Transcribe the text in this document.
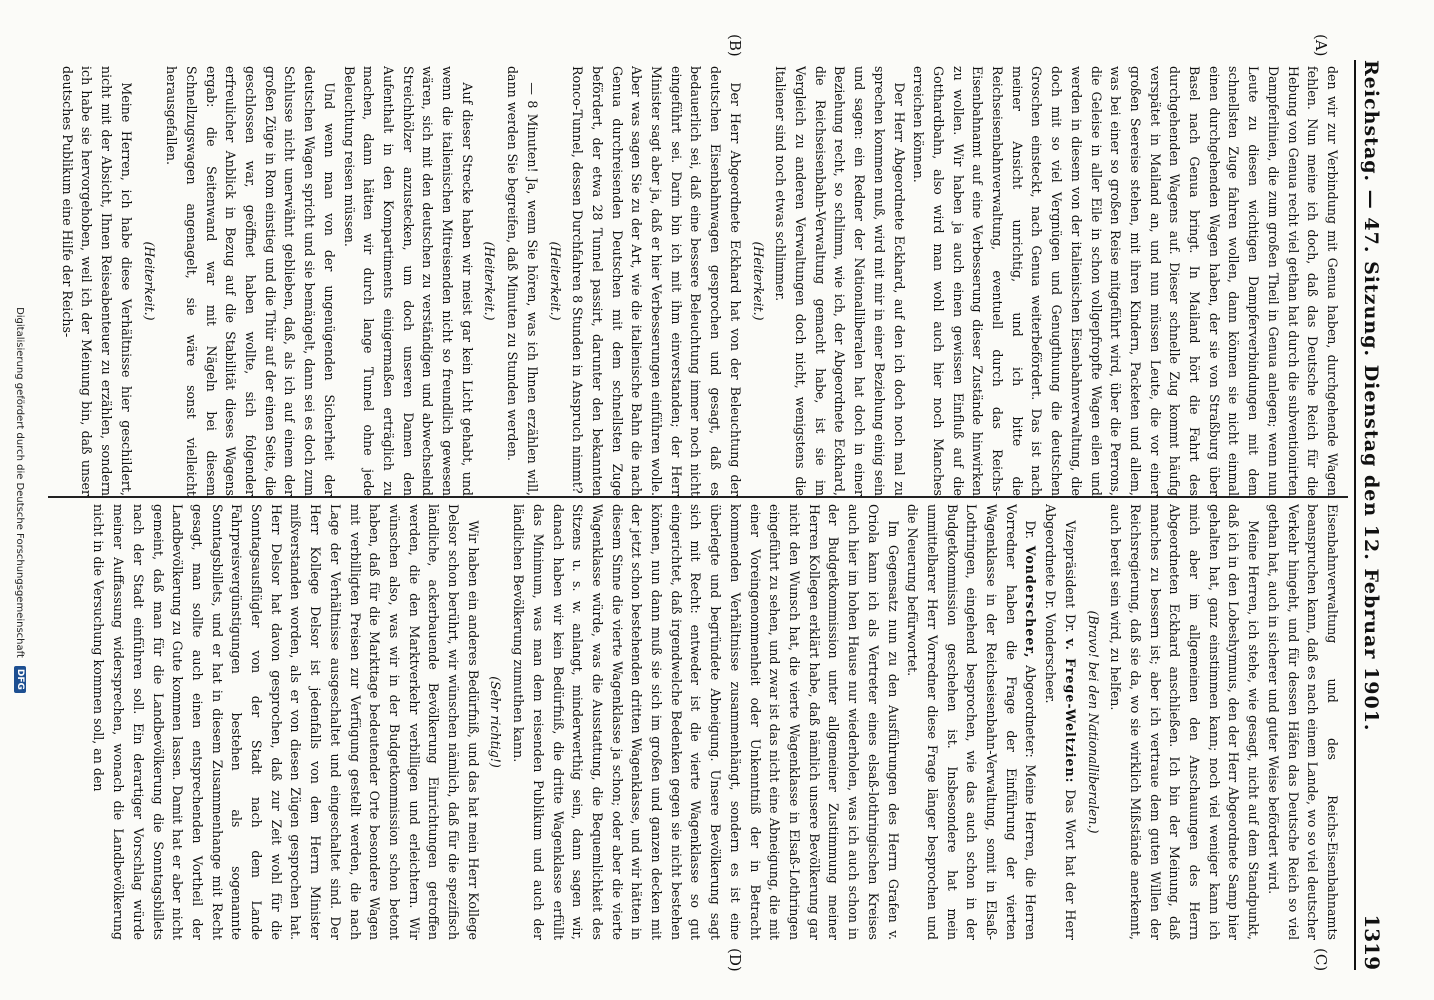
Reichstag. — 47. Sitzung. Dienstag den 12. Februar 1901.
1319
(A)
(B)
(C)
(D)

den wir zur Verbindung mit Genua haben, durchgehende Wagen fehlen. Nun meine ich doch, daß das Deutsche Reich für die Hebung von Genua recht viel gethan hat durch die subventionirten Dampferlinien, die zum großen Theil in Genua anlegen; wenn nun Leute zu diesen wichtigen Dampferverbindungen mit dem schnellsten Zuge fahren wollen, dann können sie nicht einmal einen durchgehenden Wagen haben, der sie von Straßburg über Basel nach Genua bringt. In Mailand hört die Fahrt des durchgehenden Wagens auf. Dieser schnelle Zug kommt häufig verspätet in Mailand an, und nun müssen Leute, die vor einer großen Seereise stehen, mit ihren Kindern, Packeten und allem, was bei einer so großen Reise mitgeführt wird, über die Perrons, die Geleise in aller Eile in schon vollgepfropfte Wagen eilen und werden in diesem von der italienischen Eisenbahnverwaltung, die doch mit so viel Vergnügen und Genugthuung die deutschen Groschen einsteckt, nach Genua weiterbefördert. Das ist nach meiner Ansicht unrichtig, und ich bitte die Reichseisenbahnverwaltung, eventuell durch das Reichs-Eisenbahnamt auf eine Verbesserung dieser Zustände hinwirken zu wollen. Wir haben ja auch einen gewissen Einfluß auf die Gotthardbahn, also wird man wohl auch hier noch Manches erreichen können.

Der Herr Abgeordnete Eckhard, auf den ich doch noch mal zu sprechen kommen muß, wird mit mir in einer Beziehung einig sein und sagen: ein Redner der Nationalliberalen hat doch in einer Beziehung recht, so schlimm, wie ich, der Abgeordnete Eckhard, die Reichseisenbahn-Verwaltung gemacht habe, ist sie im Vergleich zu anderen Verwaltungen doch nicht, wenigstens die Italiener sind noch etwas schlimmer.

(Heiterkeit.)

Der Herr Abgeordnete Eckhard hat von der Beleuchtung der deutschen Eisenbahnwagen gesprochen und gesagt, daß es bedauerlich sei, daß eine bessere Beleuchtung immer noch nicht eingeführt sei. Darin bin ich mit ihm einverstanden; der Herr Minister sagt aber ja, daß er hier Verbesserungen einführen wolle. Aber was sagen Sie zu der Art, wie die italienische Bahn die nach Genua durchreisenden Deutschen mit dem schnellsten Zuge befördert, der etwa 28 Tunnel passirt, darunter den bekannten Ronco-Tunnel, dessen Durchfahren 8 Stunden in Anspruch nimmt?

(Heiterkeit.)

— 8 Minuten! Ja, wenn Sie hören, was ich Ihnen erzählen will, dann werden Sie begreifen, daß Minuten zu Stunden werden.

(Heiterkeit.)

Auf dieser Strecke haben wir meist gar kein Licht gehabt, und wenn die italienischen Mitreisenden nicht so freundlich gewesen wären, sich mit den deutschen zu verständigen und abwechselnd Streichhölzer anzustecken, um doch unseren Damen den Aufenthalt in den Kompartiments einigermaßen erträglich zu machen, dann hätten wir durch lange Tunnel ohne jede Beleuchtung reisen müssen.

Und wenn man von der ungenügenden Sicherheit der deutschen Wagen spricht und sie bemängelt, dann sei es doch zum Schlusse nicht unerwähnt geblieben, daß, als ich auf einem der großen Züge in Rom einstieg und die Thür auf der einen Seite, die geschlossen war, geöffnet haben wollte, sich folgender erfreulicher Anblick in Bezug auf die Stabilität dieses Wagens ergab: die Seitenwand war mit Nägeln bei diesem Schnellzugswagen angenagelt, sie wäre sonst vielleicht herausgefallen.

(Heiterkeit.)

Meine Herren, ich habe diese Verhältnisse hier geschildert, nicht mit der Absicht, Ihnen Reiseabenteuer zu erzählen, sondern ich habe sie hervorgehoben, weil ich der Meinung bin, daß unser deutsches Publikum eine Hilfe der Reichs-

Eisenbahnverwaltung und des Reichs-Eisenbahnamts beanspruchen kann, daß es nach einem Lande, wo so viel deutscher Verkehr hingeht, und für dessen Häfen das Deutsche Reich so viel gethan hat, auch in sicherer und guter Weise befördert wird.

Meine Herren, ich stehe, wie gesagt, nicht auf dem Standpunkt, daß ich in den Lobeshymnus, den der Herr Abgeordnete Samp hier gehalten hat, ganz einstimmen kann; noch viel weniger kann ich mich aber im allgemeinen den Anschauungen des Herrn Abgeordneten Eckhard anschließen. Ich bin der Meinung, daß manches zu bessern ist; aber ich vertraue dem guten Willen der Reichsregierung, daß sie da, wo sie wirklich Mißstände anerkennt, auch bereit sein wird, zu helfen.

(Bravo! bei den Nationalliberalen.)

Vizepräsident Dr. v. Frege-Weltzien: Das Wort hat der Herr Abgeordnete Dr. Vonderscheer.

Dr. Vonderscheer, Abgeordneter: Meine Herren, die Herren Vorredner haben die Frage der Einführung der vierten Wagenklasse in der Reichseisenbahn-Verwaltung, somit in Elsaß-Lothringen, eingehend besprochen, wie das auch schon in der Budgetkommission geschehen ist. Insbesondere hat mein unmittelbarer Herr Vorredner diese Frage länger besprochen und die Neuerung befürwortet.

Im Gegensatz nun zu den Ausführungen des Herrn Grafen v. Oriola kann ich als Vertreter eines elsaß-lothringischen Kreises auch hier im hohen Hause nur wiederholen, was ich auch schon in der Budgetkommission unter allgemeiner Zustimmung meiner Herren Kollegen erklärt habe, daß nämlich unsere Bevölkerung gar nicht den Wunsch hat, die vierte Wagenklasse in Elsaß-Lothringen eingeführt zu sehen, und zwar ist das nicht eine Abneigung, die mit einer Voreingenommenheit oder Unkenntniß der in Betracht kommenden Verhältnisse zusammenhängt, sondern es ist eine überlegte und begründete Abneigung. Unsere Bevölkerung sagt sich mit Recht: entweder ist die vierte Wagenklasse so gut eingerichtet, daß irgendwelche Bedenken gegen sie nicht bestehen können, nun dann muß sie sich im großen und ganzen decken mit der jetzt schon bestehenden dritten Wagenklasse, und wir hätten in diesem Sinne die vierte Wagenklasse ja schon; oder aber die vierte Wagenklasse würde, was die Ausstattung, die Bequemlichkeit des Sitzens u. s. w. anlangt, minderwerthig sein, dann sagen wir, danach haben wir kein Bedürfniß, die dritte Wagenklasse erfüllt das Minimum, was man dem reisenden Publikum und auch der ländlichen Bevölkerung zumuthen kann.

(Sehr richtig!)

Wir haben ein anderes Bedürfniß, und das hat mein Herr Kollege Delsor schon berührt, wir wünschen nämlich, daß für die spezifisch ländliche, ackerbauende Bevölkerung Einrichtungen getroffen werden, die den Marktverkehr verbilligen und erleichtern. Wir wünschen also, was wir in der Budgetkommission schon betont haben, daß für die Markttage bedeutender Orte besondere Wagen mit verbilligten Preisen zur Verfügung gestellt werden, die nach Lage der Verhältnisse ausgeschaltet und eingeschaltet sind. Der Herr Kollege Delsor ist jedenfalls von dem Herrn Minister mißverstanden worden, als er von diesen Zügen gesprochen hat. Herr Delsor hat davon gesprochen, daß zur Zeit wohl für die Sonntagsausflügler von der Stadt nach dem Lande Fahrpreisvergünstigungen bestehen als sogenannte Sonntagsbillets, und er hat in diesem Zusammenhange mit Recht gesagt, man sollte auch einen entsprechenden Vortheil der Landbevölkerung zu Gute kommen lassen. Damit hat er aber nicht gemeint, daß man für die Landbevölkerung die Sonntagsbillets nach der Stadt einführen soll. Ein derartiger Vorschlag würde meiner Auffassung widersprechen, wonach die Landbevölkerung nicht in die Versuchung kommen soll, an den

Digitalisierung gefördert durch die Deutsche Forschungsgemeinschaft
DFG
